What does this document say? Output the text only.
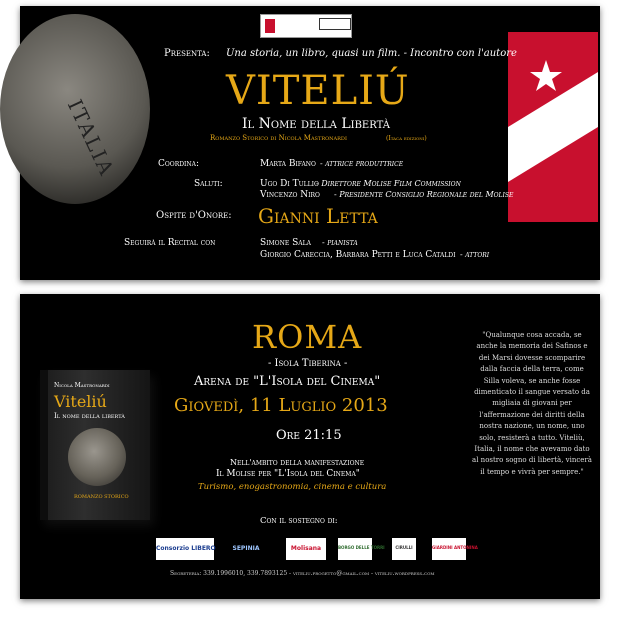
ITALIA
Presenta: Una storia, un libro, quasi un film. - Incontro con l'autore
VITELIÚ
Il Nome della Libertà
Romanzo Storico di Nicola Mastronardi	(Itaca edizioni)
Coordina:	Marta Bifano - attrice produttrice
Saluti:	Ugo Di Tullio
- Direttore Molise Film Commission
Vincenzo Niro - Presidente Consiglio Regionale del Molise
Ospite d'Onore: Gianni Letta
Seguirà il Recital con	Simone Sala - pianista
Giorgio Careccia, Barbara Petti e Luca Cataldi - attori
Nicola Mastronardi
Viteliú
Il nome della libertà
ROMANZO STORICO
ROMA
- Isola Tiberina -
Arena de "L'Isola del Cinema"
Giovedì, 11 Luglio 2013
Ore 21:15
Nell'ambito della manifestazione
Il Molise per "L'Isola del Cinema"
Turismo, enogastronomia, cinema e cultura
Con il sostegno di:
Consorzio LIBERO	SEPINIA	Molisana	BORGO DELLE TORRI	CIRULLI	GIARDINI ANTONINA
Segreteria: 339.1996010, 339.7893125 - viteliu.progetto@gmail.com - viteliu.wordpress.com
"Qualunque cosa accada, se anche la memoria dei Safinos e dei Marsi dovesse scomparire dalla faccia della terra, come Silla voleva, se anche fosse dimenticato il sangue versato da migliaia di giovani per l'affermazione dei diritti della nostra nazione, un nome, uno solo, resisterà a tutto. Viteliù, Italia, il nome che avevamo dato al nostro sogno di libertà, vincerà il tempo e vivrà per sempre."
